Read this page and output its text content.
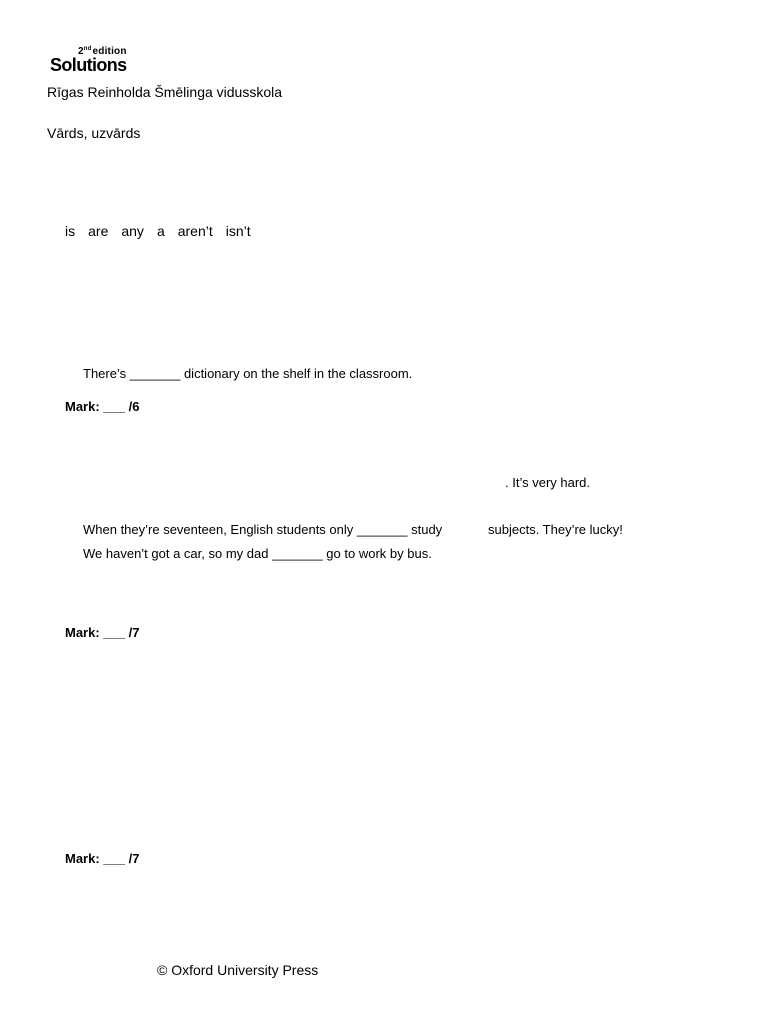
2ndedition
Solutions
Rīgas Reinholda Šmēlinga vidusskola
Vārds, uzvārds
is are any a aren’t isn’t
There’s _______ dictionary on the shelf in the classroom.
Mark: ___ /6
. It’s very hard.
When they’re seventeen, English students only _______ study	subjects. They’re lucky!
We haven’t got a car, so my dad _______ go to work by bus.
Mark: ___ /7
Mark: ___ /7
© Oxford University Press
